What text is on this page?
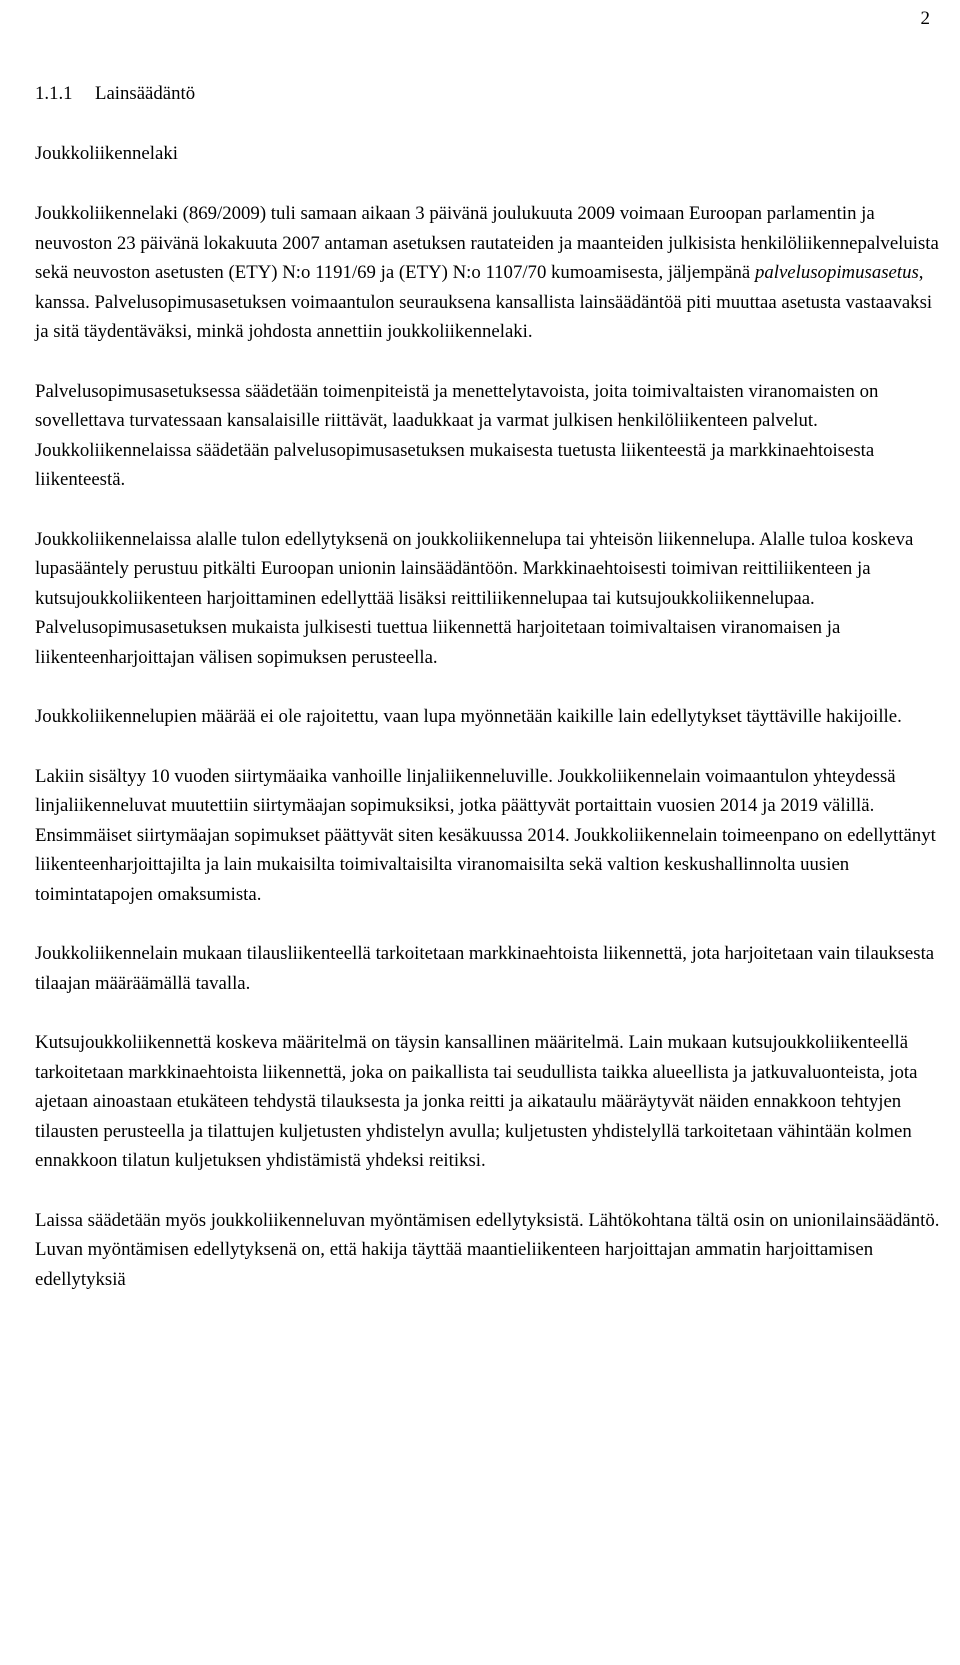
2
1.1.1 Lainsäädäntö
Joukkoliikennelaki

Joukkoliikennelaki (869/2009) tuli samaan aikaan 3 päivänä joulukuuta 2009 voimaan Euroopan parlamentin ja neuvoston 23 päivänä lokakuuta 2007 antaman asetuksen rautateiden ja maanteiden julkisista henkilöliikennepalveluista sekä neuvoston asetusten (ETY) N:o 1191/69 ja (ETY) N:o 1107/70 kumoamisesta, jäljempänä palvelusopimusasetus, kanssa. Palvelusopimusasetuksen voimaantulon seurauksena kansallista lainsäädäntöä piti muuttaa asetusta vastaavaksi ja sitä täydentäväksi, minkä johdosta annettiin joukkoliikennelaki.

Palvelusopimusasetuksessa säädetään toimenpiteistä ja menettelytavoista, joita toimivaltaisten viranomaisten on sovellettava turvatessaan kansalaisille riittävät, laadukkaat ja varmat julkisen henkilöliikenteen palvelut. Joukkoliikennelaissa säädetään palvelusopimusasetuksen mukaisesta tuetusta liikenteestä ja markkinaehtoisesta liikenteestä.

Joukkoliikennelaissa alalle tulon edellytyksenä on joukkoliikennelupa tai yhteisön liikennelupa. Alalle tuloa koskeva lupasääntely perustuu pitkälti Euroopan unionin lainsäädäntöön. Markkinaehtoisesti toimivan reittiliikenteen ja kutsujoukkoliikenteen harjoittaminen edellyttää lisäksi reittiliikennelupaa tai kutsujoukkoliikennelupaa. Palvelusopimusasetuksen mukaista julkisesti tuettua liikennettä harjoitetaan toimivaltaisen viranomaisen ja liikenteenharjoittajan välisen sopimuksen perusteella.

Joukkoliikennelupien määrää ei ole rajoitettu, vaan lupa myönnetään kaikille lain edellytykset täyttäville hakijoille.

Lakiin sisältyy 10 vuoden siirtymäaika vanhoille linjaliikenneluville. Joukkoliikennelain voimaantulon yhteydessä linjaliikenneluvat muutettiin siirtymäajan sopimuksiksi, jotka päättyvät portaittain vuosien 2014 ja 2019 välillä. Ensimmäiset siirtymäajan sopimukset päättyvät siten kesäkuussa 2014. Joukkoliikennelain toimeenpano on edellyttänyt liikenteenharjoittajilta ja lain mukaisilta toimivaltaisilta viranomaisilta sekä valtion keskushallinnolta uusien toimintatapojen omaksumista.

Joukkoliikennelain mukaan tilausliikenteellä tarkoitetaan markkinaehtoista liikennettä, jota harjoitetaan vain tilauksesta tilaajan määräämällä tavalla.

Kutsujoukkoliikennettä koskeva määritelmä on täysin kansallinen määritelmä. Lain mukaan kutsujoukkoliikenteellä tarkoitetaan markkinaehtoista liikennettä, joka on paikallista tai seudullista taikka alueellista ja jatkuvaluonteista, jota ajetaan ainoastaan etukäteen tehdystä tilauksesta ja jonka reitti ja aikataulu määräytyvät näiden ennakkoon tehtyjen tilausten perusteella ja tilattujen kuljetusten yhdistelyn avulla; kuljetusten yhdistelyllä tarkoitetaan vähintään kolmen ennakkoon tilatun kuljetuksen yhdistämistä yhdeksi reitiksi.

Laissa säädetään myös joukkoliikenneluvan myöntämisen edellytyksistä. Lähtökohtana tältä osin on unionilainsäädäntö. Luvan myöntämisen edellytyksenä on, että hakija täyttää maantieliikenteen harjoittajan ammatin harjoittamisen edellytyksiä
